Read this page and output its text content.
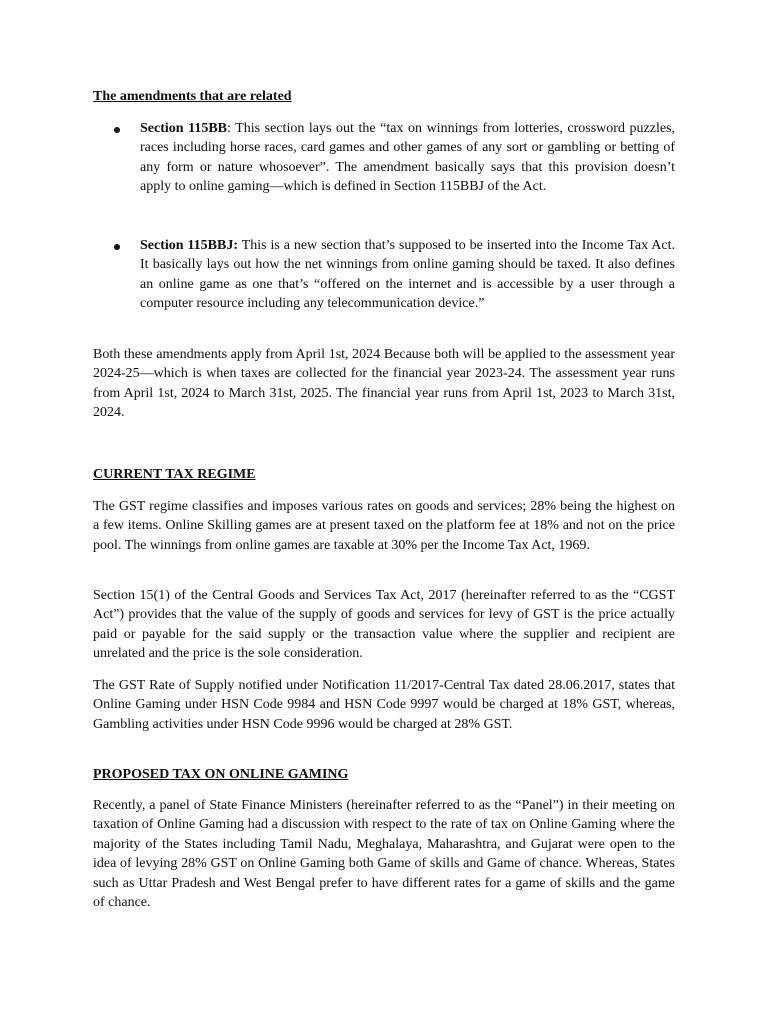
The amendments that are related
Section 115BB: This section lays out the “tax on winnings from lotteries, crossword puzzles, races including horse races, card games and other games of any sort or gambling or betting of any form or nature whosoever”. The amendment basically says that this provision doesn’t apply to online gaming—which is defined in Section 115BBJ of the Act.
Section 115BBJ: This is a new section that’s supposed to be inserted into the Income Tax Act. It basically lays out how the net winnings from online gaming should be taxed. It also defines an online game as one that’s “offered on the internet and is accessible by a user through a computer resource including any telecommunication device.”

Both these amendments apply from April 1st, 2024 Because both will be applied to the assessment year 2024-25—which is when taxes are collected for the financial year 2023-24. The assessment year runs from April 1st, 2024 to March 31st, 2025. The financial year runs from April 1st, 2023 to March 31st, 2024.

CURRENT TAX REGIME

The GST regime classifies and imposes various rates on goods and services; 28% being the highest on a few items. Online Skilling games are at present taxed on the platform fee at 18% and not on the price pool. The winnings from online games are taxable at 30% per the Income Tax Act, 1969.

Section 15(1) of the Central Goods and Services Tax Act, 2017 (hereinafter referred to as the “CGST Act”) provides that the value of the supply of goods and services for levy of GST is the price actually paid or payable for the said supply or the transaction value where the supplier and recipient are unrelated and the price is the sole consideration.

The GST Rate of Supply notified under Notification 11/2017-Central Tax dated 28.06.2017, states that Online Gaming under HSN Code 9984 and HSN Code 9997 would be charged at 18% GST, whereas, Gambling activities under HSN Code 9996 would be charged at 28% GST.

PROPOSED TAX ON ONLINE GAMING

Recently, a panel of State Finance Ministers (hereinafter referred to as the “Panel”) in their meeting on taxation of Online Gaming had a discussion with respect to the rate of tax on Online Gaming where the majority of the States including Tamil Nadu, Meghalaya, Maharashtra, and Gujarat were open to the idea of levying 28% GST on Online Gaming both Game of skills and Game of chance. Whereas, States such as Uttar Pradesh and West Bengal prefer to have different rates for a game of skills and the game of chance.
